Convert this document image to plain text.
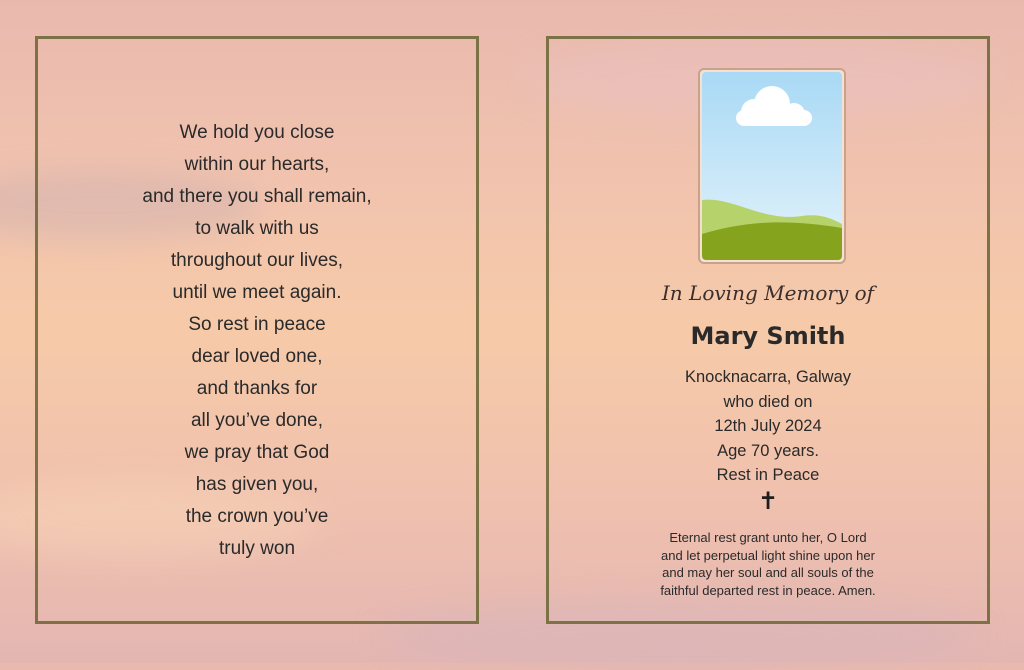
We hold you close
within our hearts,
and there you shall remain,
to walk with us
throughout our lives,
until we meet again.
So rest in peace
dear loved one,
and thanks for
all you’ve done,
we pray that God
has given you,
the crown you’ve
truly won
In Loving Memory of
Mary Smith
Knocknacarra, Galway
who died on
12th July 2024
Age 70 years.
Rest in Peace
✝
Eternal rest grant unto her, O Lord
and let perpetual light shine upon her
and may her soul and all souls of the
faithful departed rest in peace. Amen.
